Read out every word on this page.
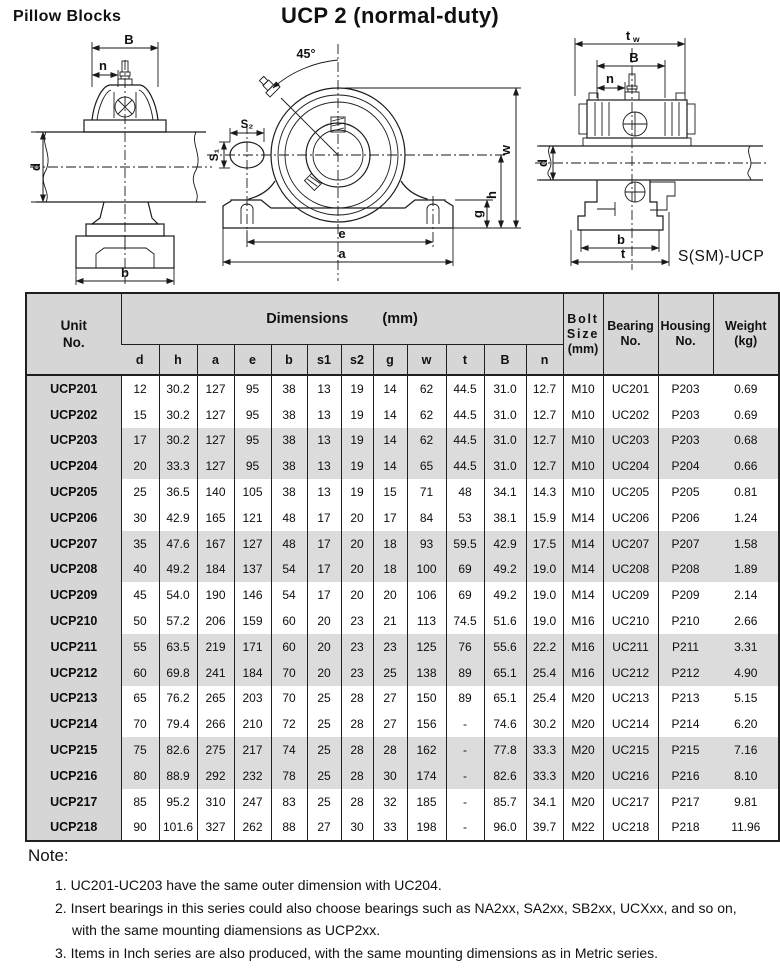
Pillow Blocks	UCP 2 (normal-duty)
B
n
d
b
45°
S₂
S₁
e
a
w
h
g
t w
B
n
d
b
t	S(SM)-UCP
Unit
No.
	Dimensions (mm)	Bolt
Size
(mm)

Bearing
No.

Housing
No.

Weight
(kg)

	d	h	a	e	b	s1	s2	g	w	t	B	n				
UCP201	12	30.2	127	95	38	13	19	14	62	44.5	31.0	12.7	M10	UC201	P203	0.69
UCP202	15	30.2	127	95	38	13	19	14	62	44.5	31.0	12.7	M10	UC202	P203	0.69
UCP203	17	30.2	127	95	38	13	19	14	62	44.5	31.0	12.7	M10	UC203	P203	0.68
UCP204	20	33.3	127	95	38	13	19	14	65	44.5	31.0	12.7	M10	UC204	P204	0.66
UCP205	25	36.5	140	105	38	13	19	15	71	48	34.1	14.3	M10	UC205	P205	0.81
UCP206	30	42.9	165	121	48	17	20	17	84	53	38.1	15.9	M14	UC206	P206	1.24
UCP207	35	47.6	167	127	48	17	20	18	93	59.5	42.9	17.5	M14	UC207	P207	1.58
UCP208	40	49.2	184	137	54	17	20	18	100	69	49.2	19.0	M14	UC208	P208	1.89
UCP209	45	54.0	190	146	54	17	20	20	106	69	49.2	19.0	M14	UC209	P209	2.14
UCP210	50	57.2	206	159	60	20	23	21	113	74.5	51.6	19.0	M16	UC210	P210	2.66
UCP211	55	63.5	219	171	60	20	23	23	125	76	55.6	22.2	M16	UC211	P211	3.31
UCP212	60	69.8	241	184	70	20	23	25	138	89	65.1	25.4	M16	UC212	P212	4.90
UCP213	65	76.2	265	203	70	25	28	27	150	89	65.1	25.4	M20	UC213	P213	5.15
UCP214	70	79.4	266	210	72	25	28	27	156	-	74.6	30.2	M20	UC214	P214	6.20
UCP215	75	82.6	275	217	74	25	28	28	162	-	77.8	33.3	M20	UC215	P215	7.16
UCP216	80	88.9	292	232	78	25	28	30	174	-	82.6	33.3	M20	UC216	P216	8.10
UCP217	85	95.2	310	247	83	25	28	32	185	-	85.7	34.1	M20	UC217	P217	9.81
UCP218	90	101.6	327	262	88	27	30	33	198	-	96.0	39.7	M22	UC218	P218	11.96
Note:
1. UC201-UC203 have the same outer dimension with UC204.
2. Insert bearings in this series could also choose bearings such as NA2xx, SA2xx, SB2xx, UCXxx, and so on, with the same mounting diamensions as UCP2xx.
3. Items in Inch series are also produced, with the same mounting dimensions as in Metric series.
